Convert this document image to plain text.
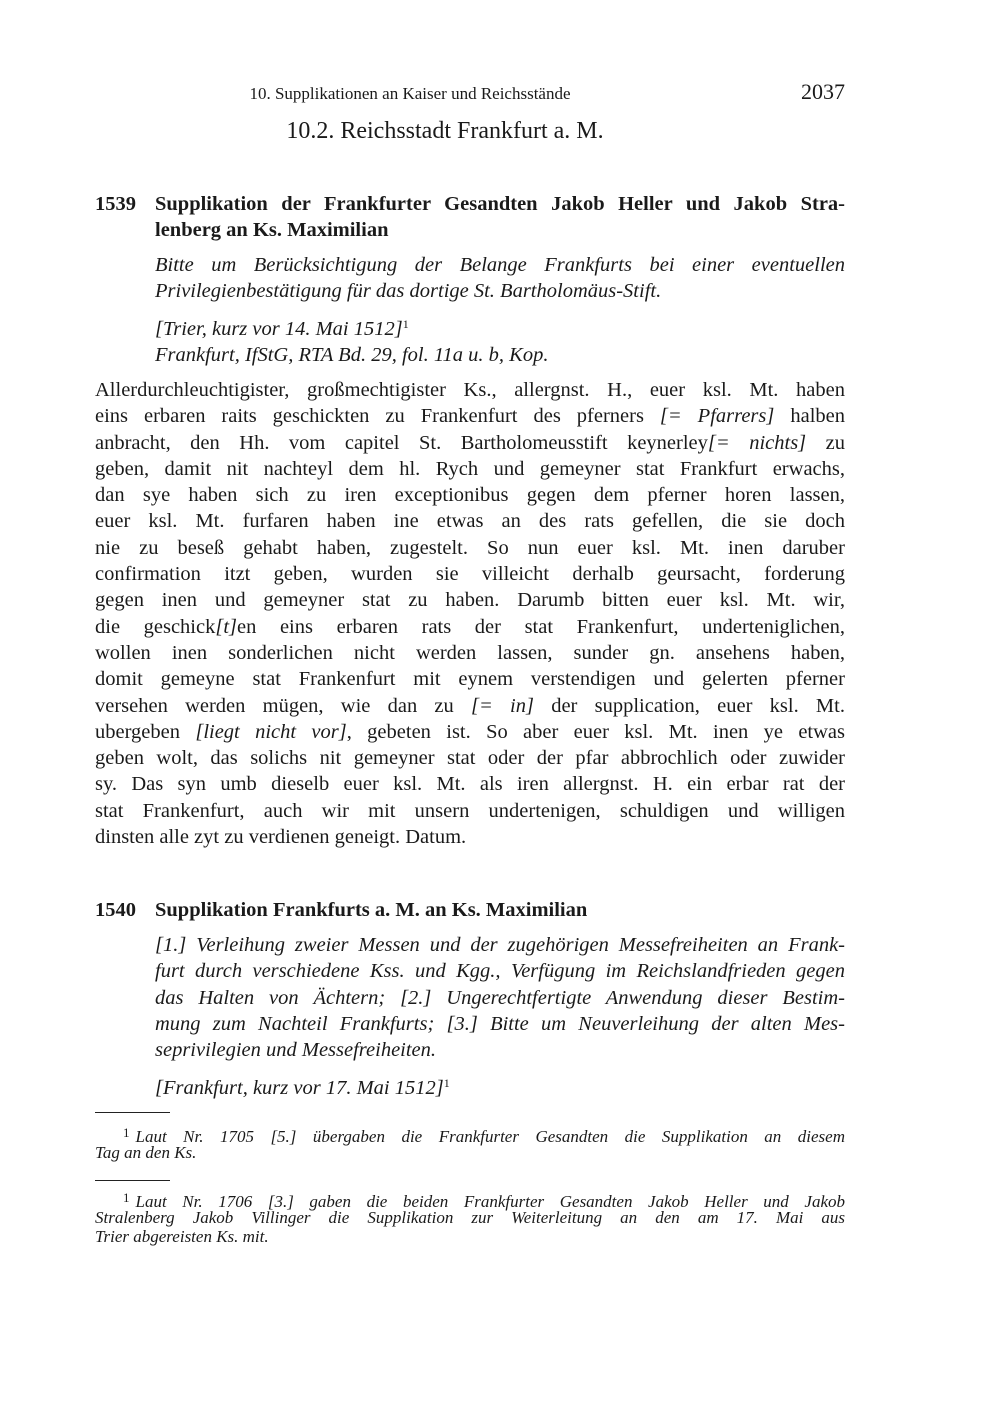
10. Supplikationen an Kaiser und Reichsstände	2037
10.2. Reichsstadt Frankfurt a. M.
1539 Supplikation der Frankfurter Gesandten Jakob Heller und Jakob Stra-
lenberg an Ks. Maximilian
Bitte um Berücksichtigung der Belange Frankfurts bei einer eventuellen
Privilegienbestätigung für das dortige St. Bartholomäus-Stift.
[Trier, kurz vor 14. Mai 1512]$^1$
Frankfurt, IfStG, RTA Bd. 29, fol. 11a u. b, Kop.
Allerdurchleuchtigister, großmechtigister Ks., allergnst. H., euer ksl. Mt. haben
eins erbaren raits geschickten zu Frankenfurt des pferners [= Pfarrers] halben
anbracht, den Hh. vom capitel St. Bartholomeusstift keynerley[= nichts] zu
geben, damit nit nachteyl dem hl. Rych und gemeyner stat Frankfurt erwachs,
dan sye haben sich zu iren exceptionibus gegen dem pferner horen lassen,
euer ksl. Mt. furfaren haben ine etwas an des rats gefellen, die sie doch
nie zu beseß gehabt haben, zugestelt. So nun euer ksl. Mt. inen daruber
confirmation itzt geben, wurden sie villeicht derhalb geursacht, forderung
gegen inen und gemeyner stat zu haben. Darumb bitten euer ksl. Mt. wir,
die geschick[t]en eins erbaren rats der stat Frankenfurt, underteniglichen,
wollen inen sonderlichen nicht werden lassen, sunder gn. ansehens haben,
domit gemeyne stat Frankenfurt mit eynem verstendigen und gelerten pferner
versehen werden mügen, wie dan zu [= in] der supplication, euer ksl. Mt.
ubergeben [liegt nicht vor], gebeten ist. So aber euer ksl. Mt. inen ye etwas
geben wolt, das solichs nit gemeyner stat oder der pfar abbrochlich oder zuwider
sy. Das syn umb dieselb euer ksl. Mt. als iren allergnst. H. ein erbar rat der
stat Frankenfurt, auch wir mit unsern undertenigen, schuldigen und willigen
dinsten alle zyt zu verdienen geneigt. Datum.
1540 Supplikation Frankfurts a. M. an Ks. Maximilian
[1.] Verleihung zweier Messen und der zugehörigen Messefreiheiten an Frank-
furt durch verschiedene Kss. und Kgg., Verfügung im Reichslandfrieden gegen
das Halten von Ächtern; [2.] Ungerechtfertigte Anwendung dieser Bestim-
mung zum Nachteil Frankfurts; [3.] Bitte um Neuverleihung der alten Mes-
seprivilegien und Messefreiheiten.
[Frankfurt, kurz vor 17. Mai 1512]$^1$
$^1$ Laut Nr. 1705 [5.] übergaben die Frankfurter Gesandten die Supplikation an diesem
Tag an den Ks.
$^1$ Laut Nr. 1706 [3.] gaben die beiden Frankfurter Gesandten Jakob Heller und Jakob
Stralenberg Jakob Villinger die Supplikation zur Weiterleitung an den am 17. Mai aus
Trier abgereisten Ks. mit.
